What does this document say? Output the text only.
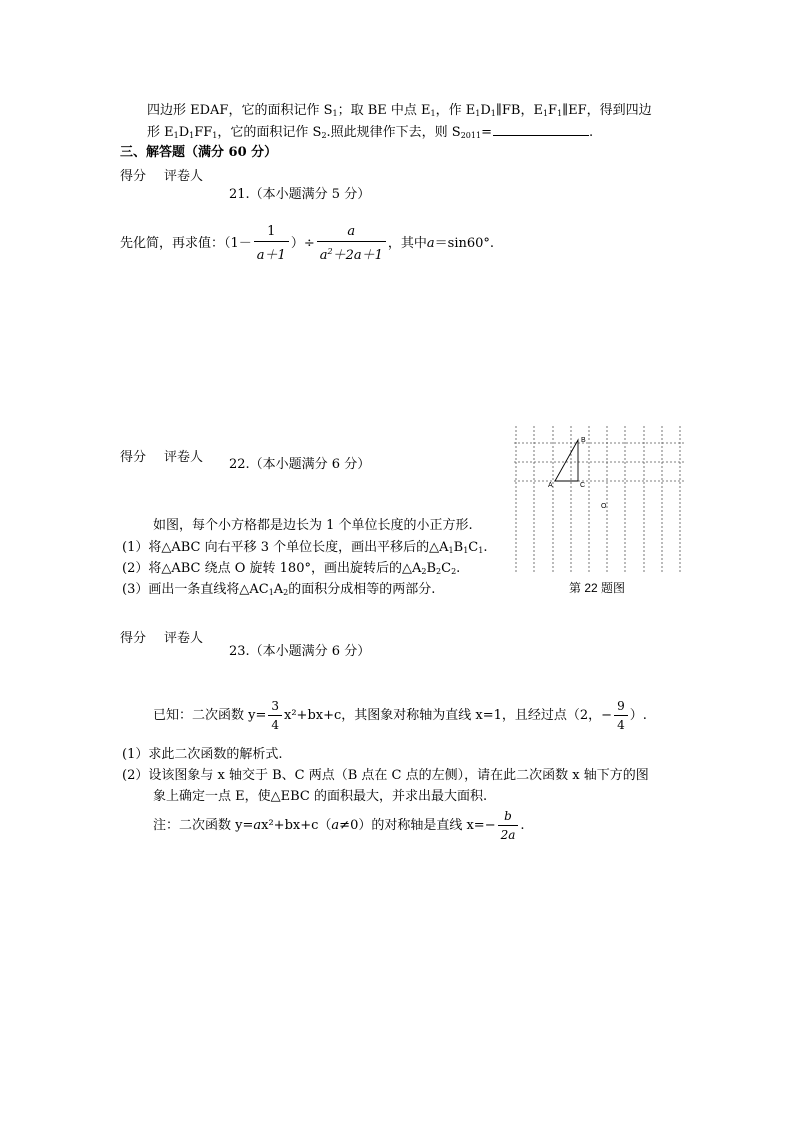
四边形 EDAF，它的面积记作 $S_1$；取 BE 中点 $E_1$，作 $E_1D_1\parallel FB$，$E_1F_1\parallel EF$，得到四边
形 $E_1D_1FF_1$，它的面积记作 $S_2$.照此规律作下去，则 $S_{2011}=$	.
三、解答题（满分 60 分）
得分 评卷人
21.（本小题满分 5 分）
先化简，再求值：（$1- \frac{1}{a+1}$ ）÷ $\frac{a}{a^2+2a+1}$ ，其中a＝sin60°.
得分 评卷人 22.（本小题满分 6 分）
如图，每个小方格都是边长为 1 个单位长度的小正方形.
(1）将△ABC 向右平移 3 个单位长度，画出平移后的$\triangle A_1B_1C_1$.
(2）将△ABC 绕点 O 旋转 180°，画出旋转后的$\triangle A_2B_2C_2$.
(3）画出一条直线将$\triangle AC_1A_2$的面积分成相等的两部分.
A
B
C
O
第 22 题图
得分 评卷人
23.（本小题满分 6 分）
已知：二次函数 $y= \frac{3}{4} x^2+bx+c$，其图象对称轴为直线 x=1，且经过点（2，− $\frac{9}{4}$ ）.
(1）求此二次函数的解析式.
(2）设该图象与 x 轴交于 B、C 两点（B 点在 C 点的左侧），请在此二次函数 x 轴下方的图
象上确定一点 E，使△EBC 的面积最大，并求出最大面积.
注：二次函数 y=ax²+bx+c（a≠0）的对称轴是直线 $x=- \frac{b}{2a}$ .
